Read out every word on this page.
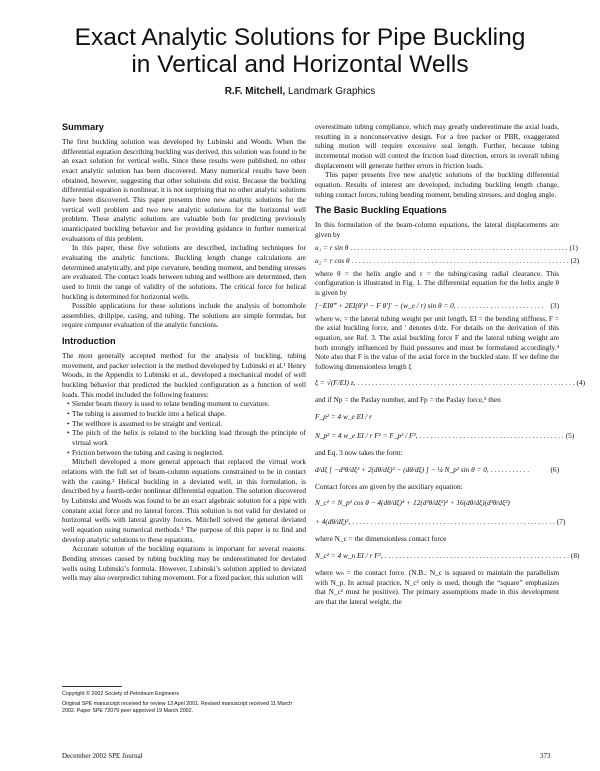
Exact Analytic Solutions for Pipe Buckling
in Vertical and Horizontal Wells
R.F. Mitchell, Landmark Graphics
Summary

The first buckling solution was developed by Lubinski and Woods. When the differential equation describing buckling was derived, this solution was found to be an exact solution for vertical wells. Since these results were published, no other exact analytic solution has been discovered. Many numerical results have been obtained, however, suggesting that other solutions did exist. Because the buckling differential equation is nonlinear, it is not surprising that no other analytic solutions have been discovered. This paper presents three new analytic solutions for the vertical well problem and two new analytic solutions for the horizontal well problem. These analytic solutions are valuable both for predicting previously unanticipated buckling behavior and for providing guidance in further numerical evaluations of this problem.

In this paper, these five solutions are described, including techniques for evaluating the analytic functions. Buckling length change calculations are determined analytically, and pipe curvature, bending moment, and bending stresses are evaluated. The contact loads between tubing and wellbore are determined, then used to limit the range of validity of the solutions. The critical force for helical buckling is determined for horizontal wells.

Possible applications for these solutions include the analysis of bottomhole assemblies, drillpipe, casing, and tubing. The solutions are simple formulas, but require computer evaluation of the analytic functions.

Introduction

The most generally accepted method for the analysis of buckling, tubing movement, and packer selection is the method developed by Lubinski et al.¹ Henry Woods, in the Appendix to Lubinski et al., developed a mechanical model of well buckling behavior that predicted the buckled configuration as a function of well loads. This model included the following features:

• Slender beam theory is used to relate bending moment to curvature.
• The tubing is assumed to buckle into a helical shape.
• The wellbore is assumed to be straight and vertical.
• The pitch of the helix is related to the buckling load through the principle of virtual work
• Friction between the tubing and casing is neglected.

Mitchell developed a more general approach that replaced the virtual work relations with the full set of beam-column equations constrained to be in contact with the casing.² Helical buckling in a deviated well, in this formulation, is described by a fourth-order nonlinear differential equation. The solution discovered by Lubinski and Woods was found to be an exact algebraic solution for a pipe with constant axial force and no lateral forces. This solution is not valid for deviated or horizontal wells with lateral gravity forces. Mitchell solved the general deviated well equation using numerical methods.³ The purpose of this paper is to find and develop analytic solutions to these equations.

Accurate solution of the buckling equations is important for several reasons. Bending stresses caused by tubing buckling may be underestimated for deviated wells using Lubinski’s formula. However, Lubinski’s solution applied to deviated wells may also overpredict tubing movement. For a fixed packer, this solution will

overestimate tubing compliance, which may greatly underestimate the axial loads, resulting in a nonconservative design. For a free packer or PBR, exaggerated tubing motion will require excessive seal length. Further, because tubing incremental motion will control the friction load direction, errors in overall tubing displacement will generate further errors in friction loads.

This paper presents five new analytic solutions of the buckling differential equation. Results of interest are developed, including buckling length change, tubing contact forces, tubing bending moment, bending stresses, and dogleg angle.

The Basic Buckling Equations

In this formulation of the beam-column equations, the lateral displacements are given by

u₁ = r sin θ . . . . . . . . . . . . . . . . . . . . . . . . . . . . . . . . . . . . . . . . . . . . . . . . . . . . . . . . . . . . (1)
u₂ = r cos θ . . . . . . . . . . . . . . . . . . . . . . . . . . . . . . . . . . . . . . . . . . . . . . . . . . . . . . . . . . . . (2)

where θ = the helix angle and r = the tubing/casing radial clearance. This configuration is illustrated in Fig. 1. The differential equation for the helix angle θ is given by

[−EIθ‴ + 2EI(θ′)³ − F θ′]′ − (w_e / r) sin θ = 0, . . . . . . . . . . . . . . . . . . . . . . . . (3)

where wₑ = the lateral tubing weight per unit length, EI = the bending stiffness, F = the axial buckling force, and ′ denotes d/dz. For details on the derivation of this equation, see Ref. 3. The axial buckling force F and the lateral tubing weight are both strongly influenced by fluid pressures and must be formulated accordingly.⁴ Note also that F is the value of the axial force in the buckled state. If we define the following dimensionless length ξ

ξ = √(F/EI) z, . . . . . . . . . . . . . . . . . . . . . . . . . . . . . . . . . . . . . . . . . . . . . . . . . . . . . . . . . . . . (4)

and if Np = the Paslay number, and Fp = the Paslay force,⁵ then

F_p² = 4 w_e EI / r
N_p² = 4 w_e EI / r F² = F_p² / F², . . . . . . . . . . . . . . . . . . . . . . . . . . . . . . . . . . . . . . . . (5)

and Eq. 3 now takes the form:

d/dξ [ −d³θ/dξ³ + 2(dθ/dξ)³ − (dθ/dξ) ] − ¼ N_p² sin θ = 0, . . . . . . . . . . .	(6)

Contact forces are given by the auxiliary equation:

N_c² = N_p² cos θ − 4(dθ/dξ)⁴ + 12(d²θ/dξ²)² + 16(dθ/dξ)(d³θ/dξ³)
+ 4(dθ/dξ)², . . . . . . . . . . . . . . . . . . . . . . . . . . . . . . . . . . . . . . . . . . . . . . . . . . . . . . . . (7)

where N_c = the dimensionless contact force

N_c² = 4 w_n EI / r F², . . . . . . . . . . . . . . . . . . . . . . . . . . . . . . . . . . . . . . . . . . . . . . . . . . . (8)

where wₙ = the contact force. (N.B.: N_c is squared to maintain the parallelism with N_p. In actual practice, N_c² only is used, though the “square” emphasizes that N_c² must be positive). The primary assumptions made in this development are that the lateral weight, the

Copyright © 2002 Society of Petroleum Engineers

Original SPE manuscript received for review 13 April 2001. Revised manuscript received 11 March 2002. Paper SPE 72079 peer approved 19 March 2002.

December 2002 SPE Journal	373
